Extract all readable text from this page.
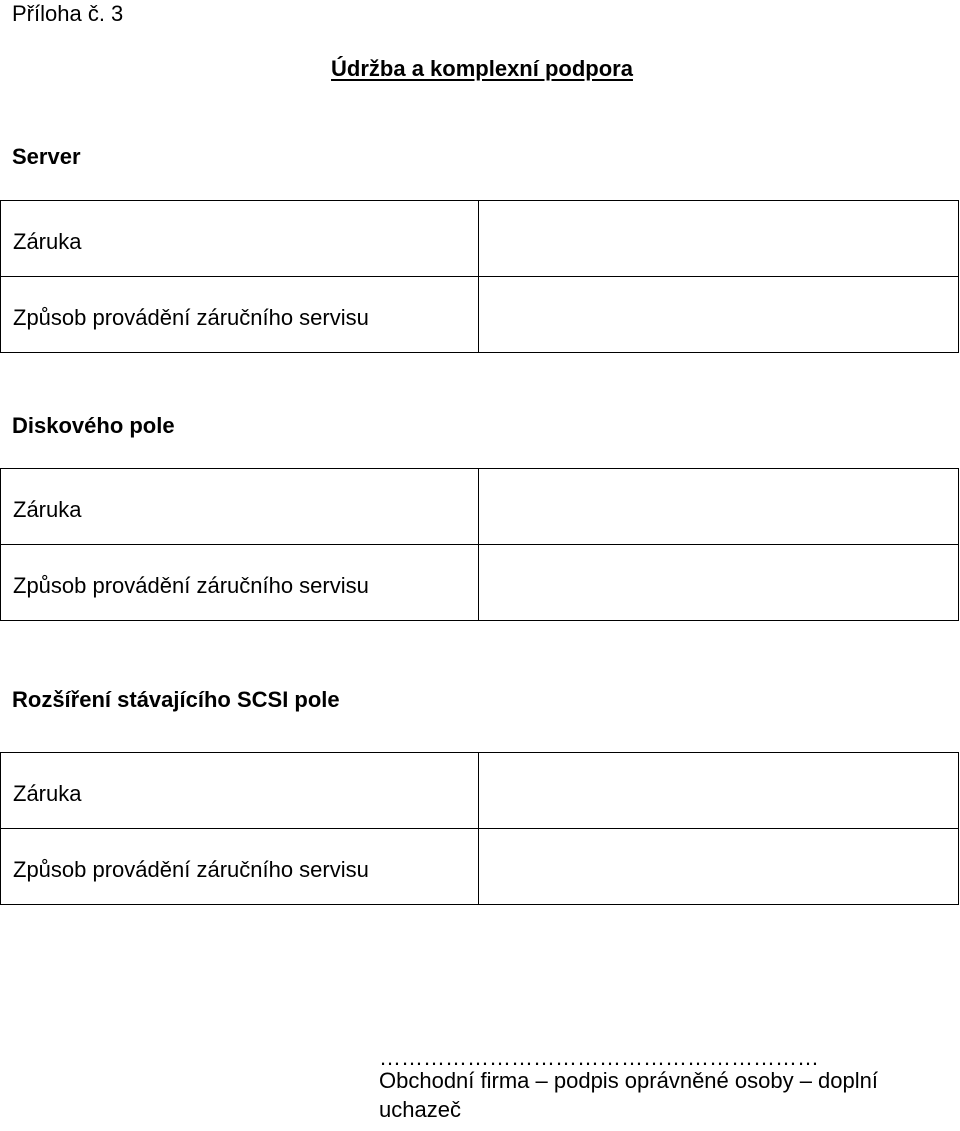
Příloha č. 3
Údržba a komplexní podpora
Server
Záruka	
Způsob provádění záručního servisu	
Diskového pole
Záruka	
Způsob provádění záručního servisu	
Rozšíření stávajícího SCSI pole
Záruka	
Způsob provádění záručního servisu	
……………………………………………………
Obchodní firma – podpis oprávněné osoby – doplní uchazeč
